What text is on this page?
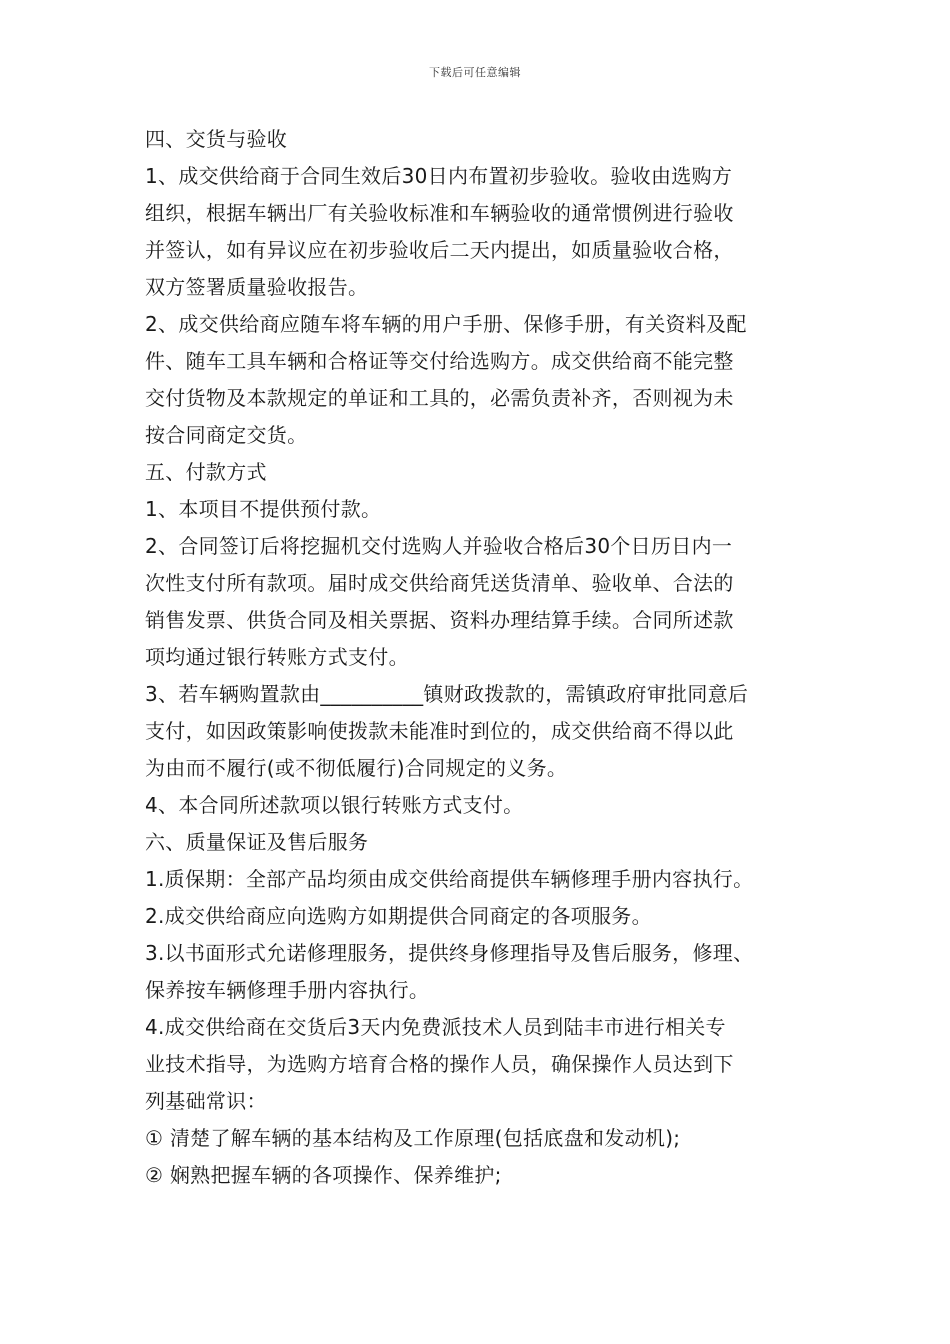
下载后可任意编辑
四、交货与验收
1、成交供给商于合同生效后30日内布置初步验收。验收由选购方
组织，根据车辆出厂有关验收标准和车辆验收的通常惯例进行验收
并签认，如有异议应在初步验收后二天内提出，如质量验收合格，
双方签署质量验收报告。
2、成交供给商应随车将车辆的用户手册、保修手册，有关资料及配
件、随车工具车辆和合格证等交付给选购方。成交供给商不能完整
交付货物及本款规定的单证和工具的，必需负责补齐，否则视为未
按合同商定交货。
五、付款方式
1、本项目不提供预付款。
2、合同签订后将挖掘机交付选购人并验收合格后30个日历日内一
次性支付所有款项。届时成交供给商凭送货清单、验收单、合法的
销售发票、供货合同及相关票据、资料办理结算手续。合同所述款
项均通过银行转账方式支付。
3、若车辆购置款由__________镇财政拨款的，需镇政府审批同意后
支付，如因政策影响使拨款未能准时到位的，成交供给商不得以此
为由而不履行(或不彻低履行)合同规定的义务。
4、本合同所述款项以银行转账方式支付。
六、质量保证及售后服务
1.质保期：全部产品均须由成交供给商提供车辆修理手册内容执行。
2.成交供给商应向选购方如期提供合同商定的各项服务。
3.以书面形式允诺修理服务，提供终身修理指导及售后服务，修理、
保养按车辆修理手册内容执行。
4.成交供给商在交货后3天内免费派技术人员到陆丰市进行相关专
业技术指导，为选购方培育合格的操作人员，确保操作人员达到下
列基础常识：
① 清楚了解车辆的基本结构及工作原理(包括底盘和发动机);
② 娴熟把握车辆的各项操作、保养维护;
